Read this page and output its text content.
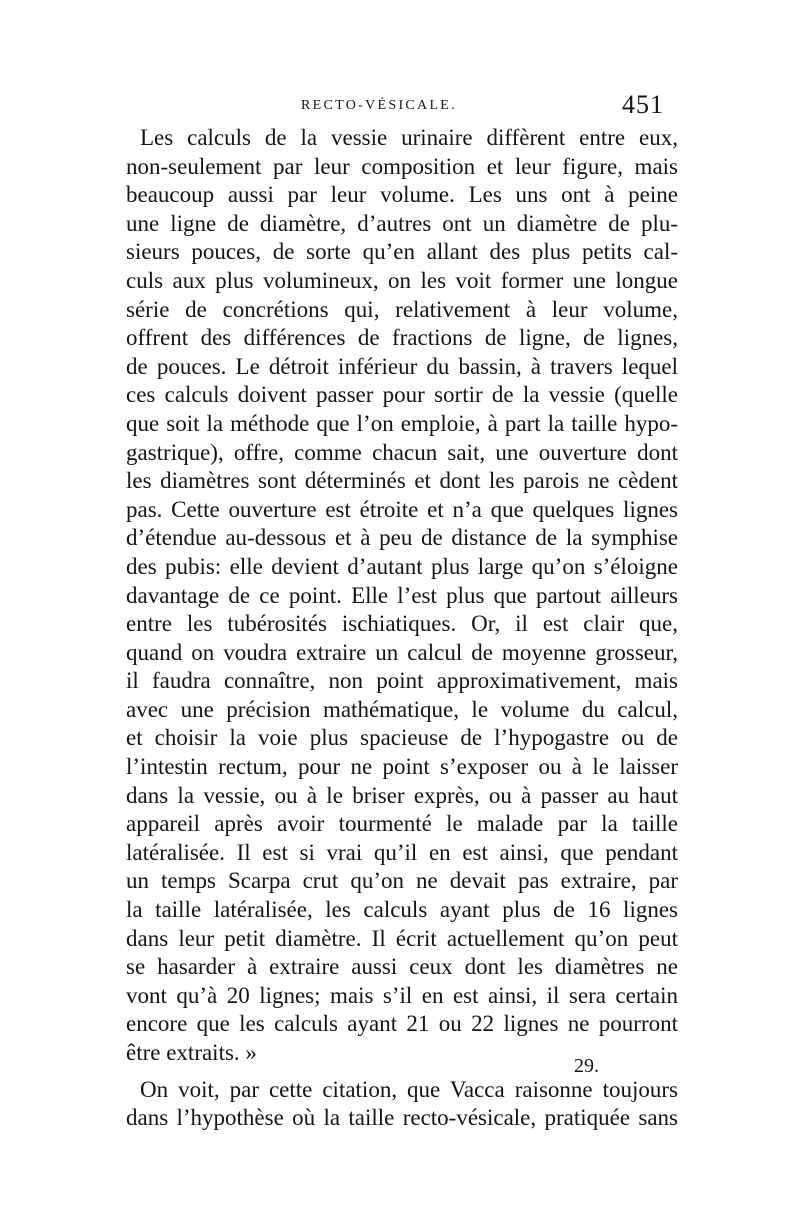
RECTO-VÉSICALE.	451
Les calculs de la vessie urinaire diffèrent entre eux,
non-seulement par leur composition et leur figure, mais
beaucoup aussi par leur volume. Les uns ont à peine
une ligne de diamètre, d’autres ont un diamètre de plu-
sieurs pouces, de sorte qu’en allant des plus petits cal-
culs aux plus volumineux, on les voit former une longue
série de concrétions qui, relativement à leur volume,
offrent des différences de fractions de ligne, de lignes,
de pouces. Le détroit inférieur du bassin, à travers lequel
ces calculs doivent passer pour sortir de la vessie (quelle
que soit la méthode que l’on emploie, à part la taille hypo-
gastrique), offre, comme chacun sait, une ouverture dont
les diamètres sont déterminés et dont les parois ne cèdent
pas. Cette ouverture est étroite et n’a que quelques lignes
d’étendue au-dessous et à peu de distance de la symphise
des pubis: elle devient d’autant plus large qu’on s’éloigne
davantage de ce point. Elle l’est plus que partout ailleurs
entre les tubérosités ischiatiques. Or, il est clair que,
quand on voudra extraire un calcul de moyenne grosseur,
il faudra connaître, non point approximativement, mais
avec une précision mathématique, le volume du calcul,
et choisir la voie plus spacieuse de l’hypogastre ou de
l’intestin rectum, pour ne point s’exposer ou à le laisser
dans la vessie, ou à le briser exprès, ou à passer au haut
appareil après avoir tourmenté le malade par la taille
latéralisée. Il est si vrai qu’il en est ainsi, que pendant
un temps Scarpa crut qu’on ne devait pas extraire, par
la taille latéralisée, les calculs ayant plus de 16 lignes
dans leur petit diamètre. Il écrit actuellement qu’on peut
se hasarder à extraire aussi ceux dont les diamètres ne
vont qu’à 20 lignes; mais s’il en est ainsi, il sera certain
encore que les calculs ayant 21 ou 22 lignes ne pourront
être extraits. »
On voit, par cette citation, que Vacca raisonne toujours
dans l’hypothèse où la taille recto-vésicale, pratiquée sans
29.
